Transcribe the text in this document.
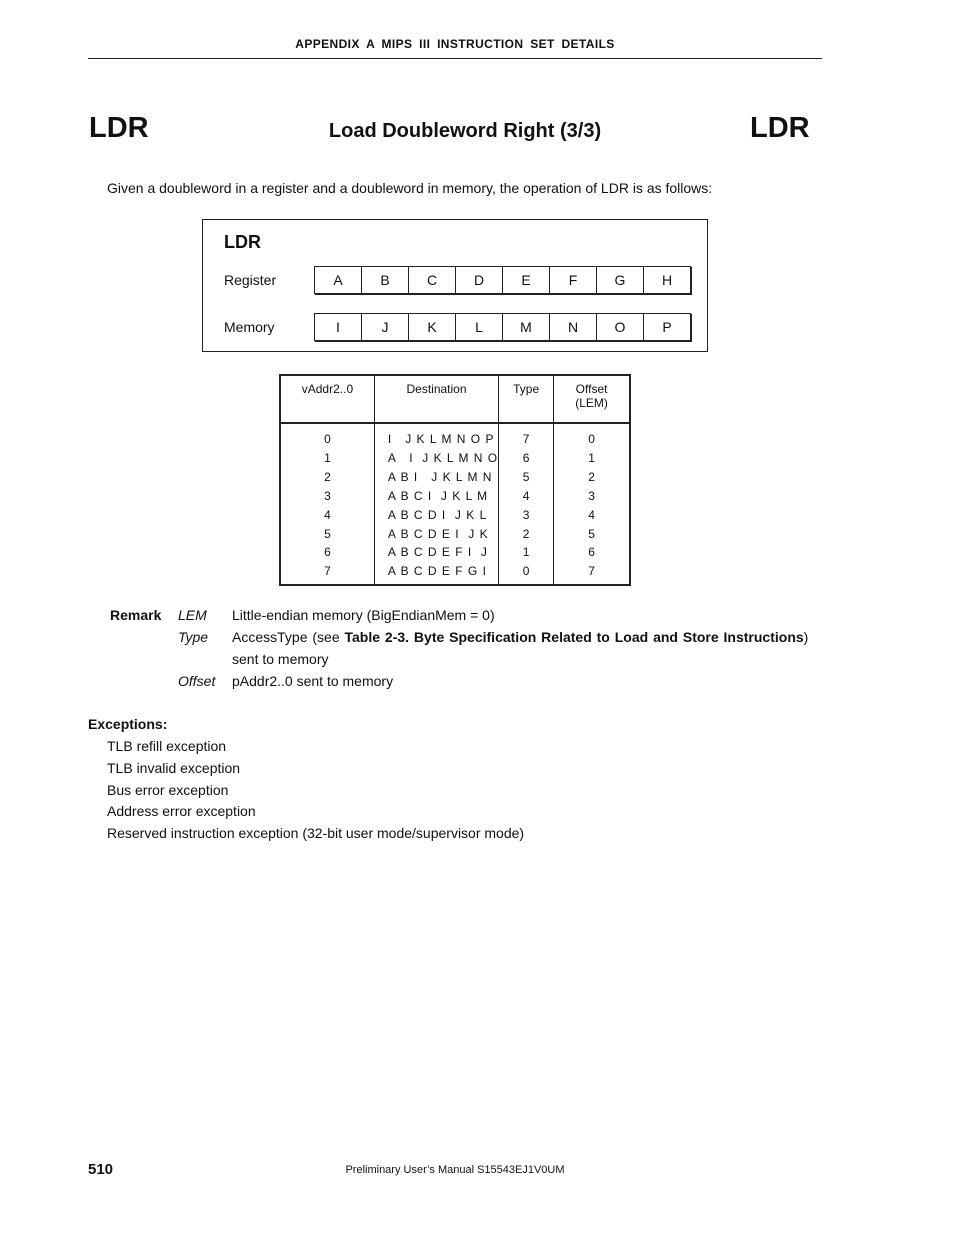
APPENDIX A MIPS III INSTRUCTION SET DETAILS
LDR	Load Doubleword Right (3/3)	LDR
Given a doubleword in a register and a doubleword in memory, the operation of LDR is as follows:
LDR
Register	A	B	C	D	E	F	G	H
Memory	I	J	K	L	M	N	O	P
vAddr2..0	Destination	Type	Offset
(LEM)
0	I   J K L M N O P	7	0
1	A   I  J K L M N O	6	1
2	A B I   J K L M N	5	2
3	A B C I  J K L M	4	3
4	A B C D I  J K L	3	4
5	A B C D E I  J K	2	5
6	A B C D E F I  J	1	6
7	A B C D E F G I	0	7
Remark LEM Little-endian memory (BigEndianMem = 0)
Type AccessType (see Table 2-3. Byte Specification Related to Load and Store Instructions)
sent to memory
Offset pAddr2..0 sent to memory
Exceptions:
TLB refill exception
TLB invalid exception
Bus error exception
Address error exception
Reserved instruction exception (32-bit user mode/supervisor mode)
510	Preliminary User’s Manual S15543EJ1V0UM
